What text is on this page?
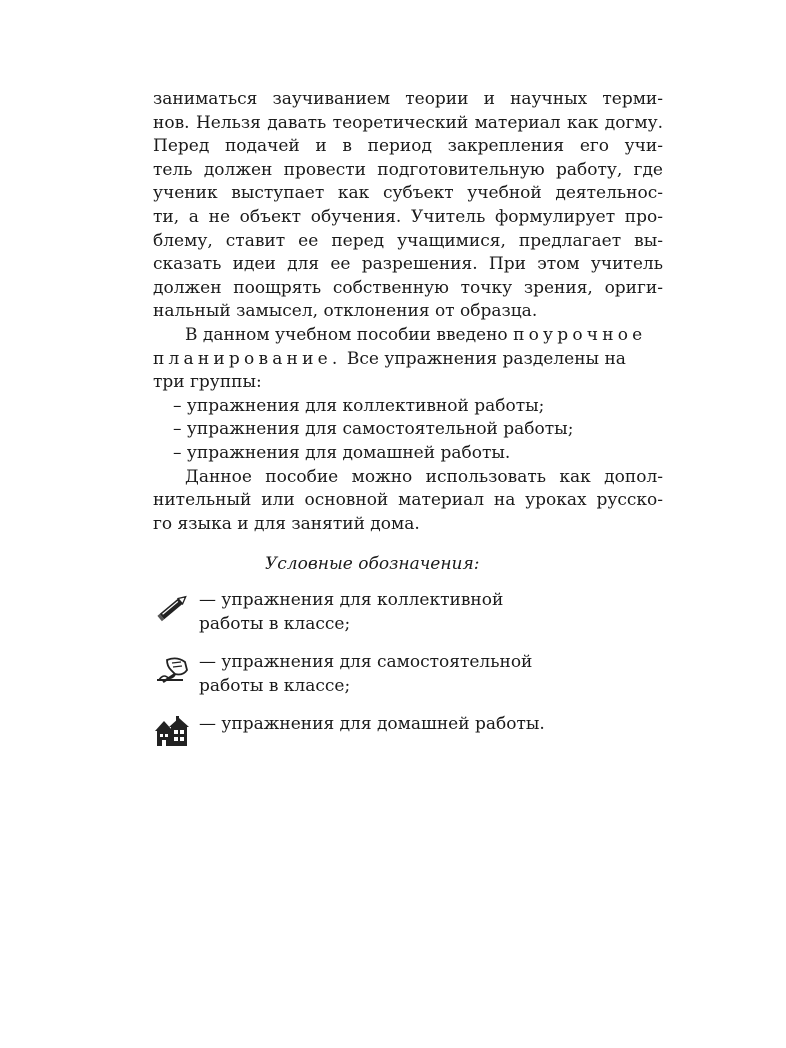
заниматься заучиванием теории и научных терми-
нов. Нельзя давать теоретический материал как догму.
Перед подачей и в период закрепления его учи-
тель должен провести подготовительную работу, где
ученик выступает как субъект учебной деятельнос-
ти, а не объект обучения. Учитель формулирует про-
блему, ставит ее перед учащимися, предлагает вы-
сказать идеи для ее разрешения. При этом учитель
должен поощрять собственную точку зрения, ориги-
нальный замысел, отклонения от образца.
В данном учебном пособии введено поурочное
планирование. Все упражнения разделены на
три группы:
– упражнения для коллективной работы;
– упражнения для самостоятельной работы;
– упражнения для домашней работы.
Данное пособие можно использовать как допол-
нительный или основной материал на уроках русско-
го языка и для занятий дома.
Условные обозначения:
— упражнения для коллективной
работы в классе;
— упражнения для самостоятельной
работы в классе;
— упражнения для домашней работы.
